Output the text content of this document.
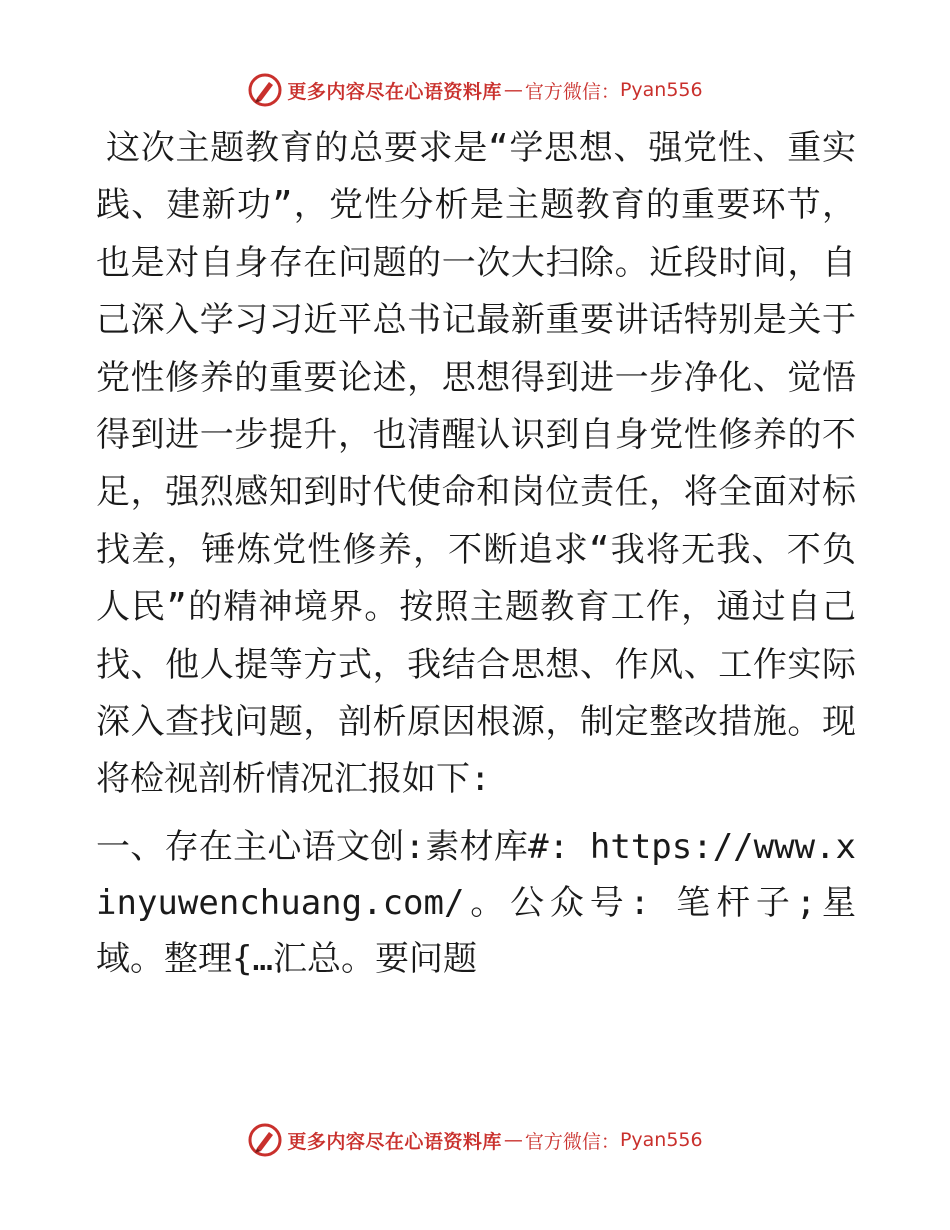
更多内容尽在心语资料库 — 官方微信： Pyan556

这次主题教育的总要求是“学思想、强党性、重实践、建新功”，党性分析是主题教育的重要环节，也是对自身存在问题的一次大扫除。近段时间，自己深入学习习近平总书记最新重要讲话特别是关于党性修养的重要论述，思想得到进一步净化、觉悟得到进一步提升，也清醒认识到自身党性修养的不足，强烈感知到时代使命和岗位责任，将全面对标找差，锤炼党性修养，不断追求“我将无我、不负人民”的精神境界。按照主题教育工作，通过自己找、他人提等方式，我结合思想、作风、工作实际深入查找问题，剖析原因根源，制定整改措施。现将检视剖析情况汇报如下:

一、存在主心语文创:素材库#: https://www.xinyuwenchuang.com/。公众号: 笔杆子;星域。整理{…汇总。要问题

更多内容尽在心语资料库 — 官方微信： Pyan556
